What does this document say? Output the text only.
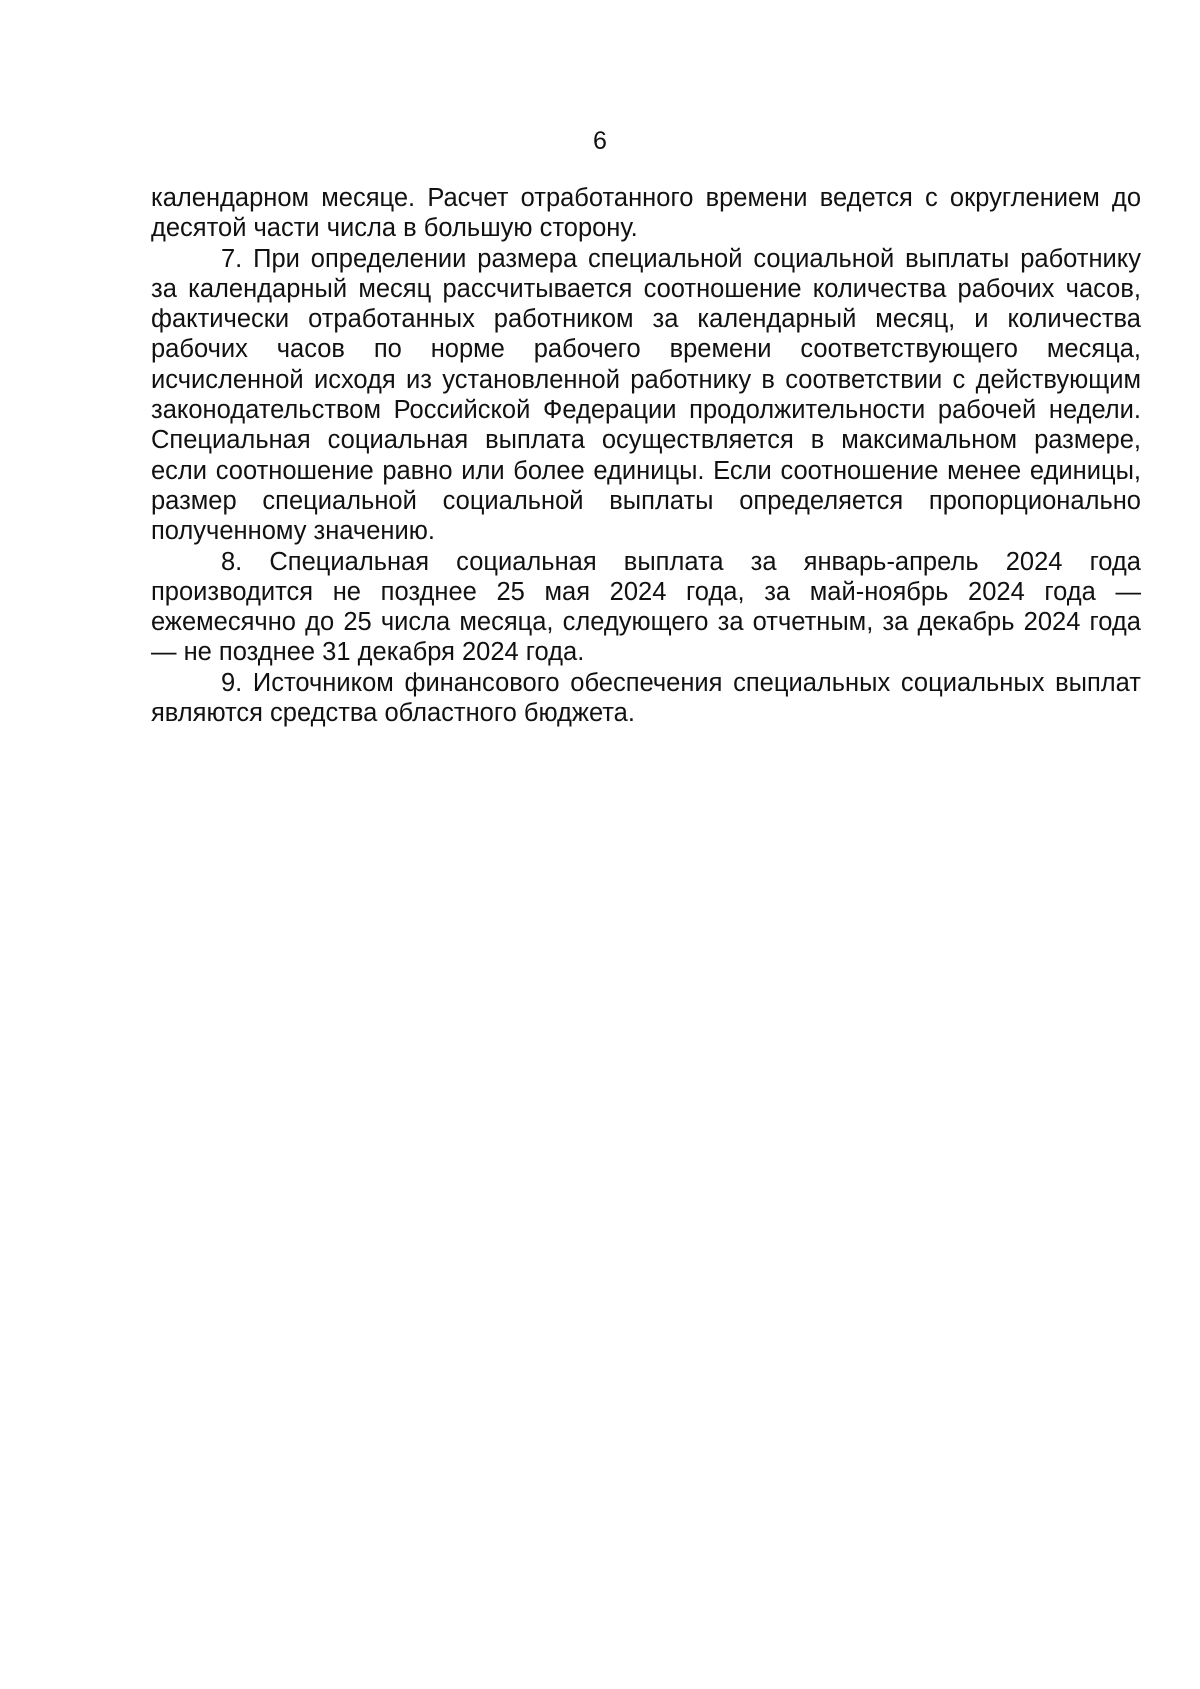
6

календарном месяце. Расчет отработанного времени ведется с округлением до десятой части числа в большую сторону.

7. При определении размера специальной социальной выплаты работнику за календарный месяц рассчитывается соотношение количества рабочих часов, фактически отработанных работником за календарный месяц, и количества рабочих часов по норме рабочего времени соответствующего месяца, исчисленной исходя из установленной работнику в соответствии с действующим законодательством Российской Федерации продолжительности рабочей недели. Специальная социальная выплата осуществляется в максимальном размере, если соотношение равно или более единицы. Если соотношение менее единицы, размер специальной социальной выплаты определяется пропорционально полученному значению.

8. Специальная социальная выплата за январь-апрель 2024 года производится не позднее 25 мая 2024 года, за май-ноябрь 2024 года — ежемесячно до 25 числа месяца, следующего за отчетным, за декабрь 2024 года — не позднее 31 декабря 2024 года.

9. Источником финансового обеспечения специальных социальных выплат являются средства областного бюджета.
